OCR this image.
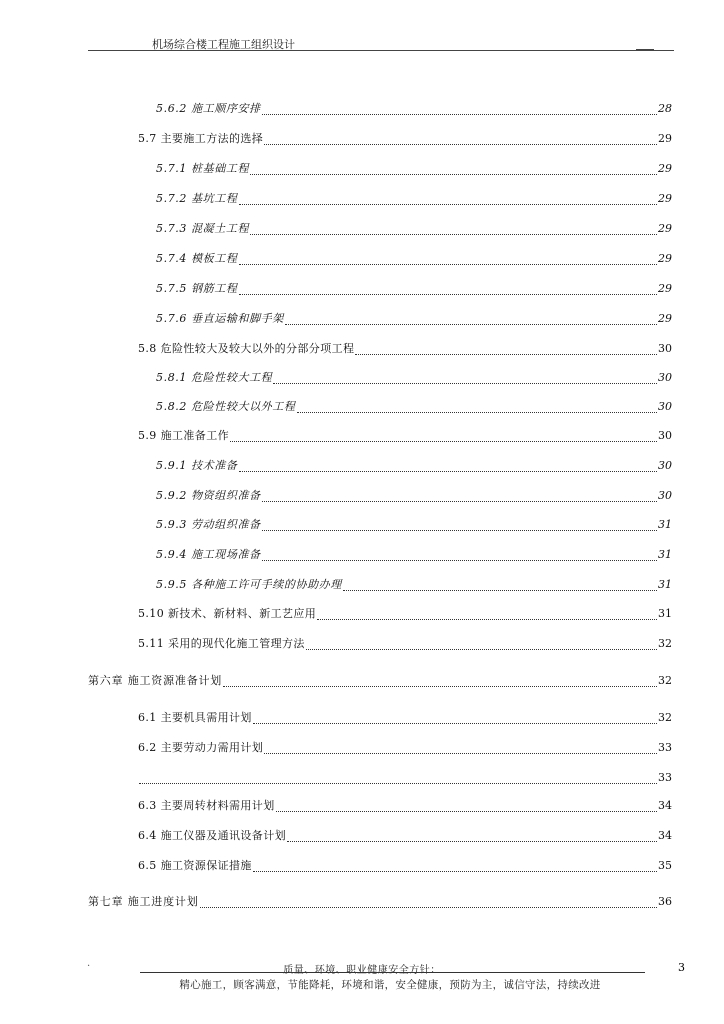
机场综合楼工程施工组织设计
5.6.2 施工顺序安排	28
5.7 主要施工方法的选择	29
5.7.1 桩基础工程	29
5.7.2 基坑工程	29
5.7.3 混凝土工程	29
5.7.4 模板工程	29
5.7.5 钢筋工程	29
5.7.6 垂直运输和脚手架	29
5.8 危险性较大及较大以外的分部分项工程	30
5.8.1 危险性较大工程	30
5.8.2 危险性较大以外工程	30
5.9 施工准备工作	30
5.9.1 技术准备	30
5.9.2 物资组织准备	30
5.9.3 劳动组织准备	31
5.9.4 施工现场准备	31
5.9.5 各种施工许可手续的协助办理	31
5.10 新技术、新材料、新工艺应用	31
5.11 采用的现代化施工管理方法	32
第六章 施工资源准备计划	32
6.1 主要机具需用计划	32
6.2 主要劳动力需用计划	33
33
6.3 主要周转材料需用计划	34
6.4 施工仪器及通讯设备计划	34
6.5 施工资源保证措施	35
第七章 施工进度计划	36
.
质量、环境、职业健康安全方针：	3
精心施工，顾客满意，节能降耗，环境和谐，安全健康，预防为主，诚信守法，持续改进
